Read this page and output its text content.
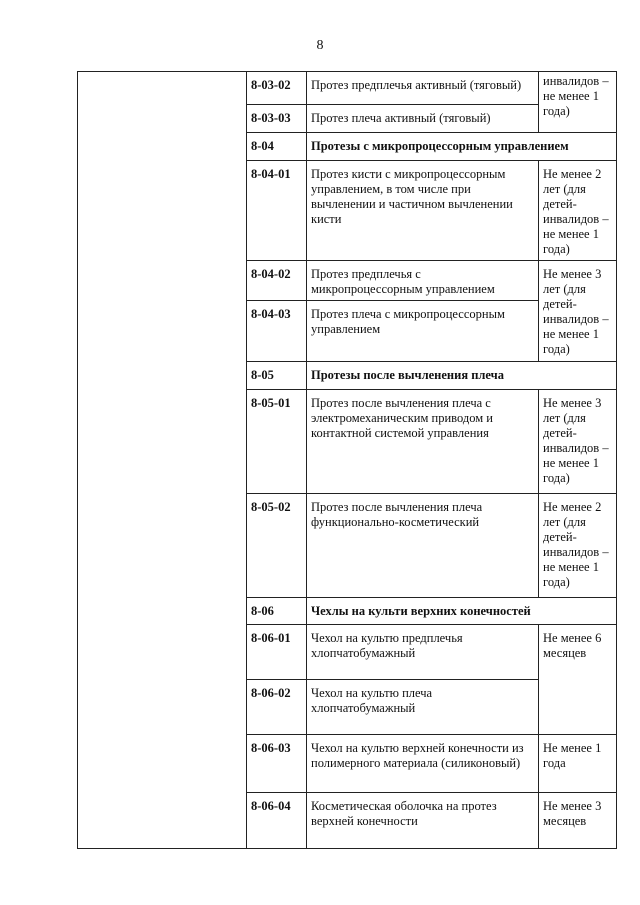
8
	8-03-02	Протез предплечья активный (тяговый)	инвалидов – не менее 1 года)
	8-03-03	Протез плеча активный (тяговый)	
	8-04	Протезы с микропроцессорным управлением	
	8-04-01	Протез кисти с микропроцессорным управлением, в том числе при вычленении и частичном вычленении кисти	Не менее 2 лет (для детей-инвалидов – не менее 1 года)
	8-04-02	Протез предплечья с микропроцессорным управлением	Не менее 3 лет (для детей-инвалидов – не менее 1 года)
	8-04-03	Протез плеча с микропроцессорным управлением	
	8-05	Протезы после вычленения плеча	
	8-05-01	Протез после вычленения плеча с электромеханическим приводом и контактной системой управления	Не менее 3 лет (для детей-инвалидов – не менее 1 года)
	8-05-02	Протез после вычленения плеча функционально-косметический	Не менее 2 лет (для детей-инвалидов – не менее 1 года)
	8-06	Чехлы на культи верхних конечностей	
	8-06-01	Чехол на культю предплечья хлопчатобумажный	Не менее 6 месяцев
	8-06-02	Чехол на культю плеча хлопчатобумажный	
	8-06-03	Чехол на культю верхней конечности из полимерного материала (силиконовый)	Не менее 1 года
	8-06-04	Косметическая оболочка на протез верхней конечности	Не менее 3 месяцев
